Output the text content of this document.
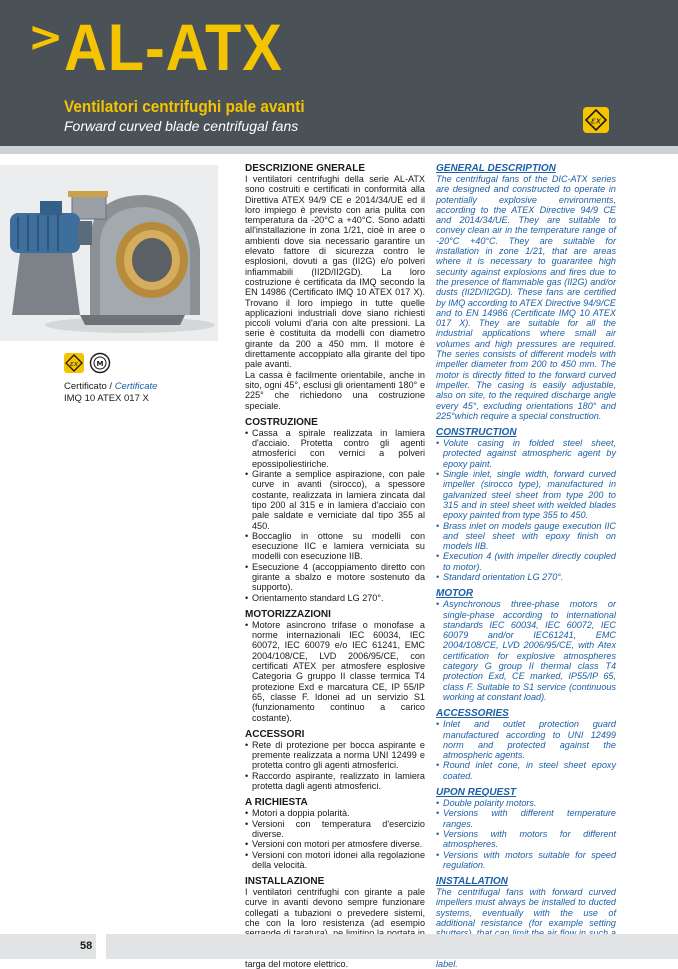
> AL-ATX
Ventilatori centrifughi pale avanti
Forward curved blade centrifugal fans	εx
εx	M
Certificato / Certificate
IMQ 10 ATEX 017 X
DESCRIZIONE GNERALE
I ventilatori centrifughi della serie AL-ATX sono costruiti e certificati in conformità alla Direttiva ATEX 94/9 CE e 2014/34/UE ed il loro impiego è previsto con aria pulita con temperatura da -20°C a +40°C. Sono adatti all'installazione in zona 1/21, cioè in aree o ambienti dove sia necessario garantire un elevato fattore di sicurezza contro le esplosioni, dovuti a gas (II2G) e/o polveri infiammabili (II2D/II2GD). La loro costruzione è certificata da IMQ secondo la EN 14986 (Certificato IMQ 10 ATEX 017 X). Trovano il loro impiego in tutte quelle applicazioni industriali dove siano richiesti piccoli volumi d'aria con alte pressioni. La serie è costituita da modelli con diametro girante da 200 a 450 mm. Il motore è direttamente accoppiato alla girante del tipo pale avanti.
La cassa è facilmente orientabile, anche in sito, ogni 45°, esclusi gli orientamenti 180° e 225° che richiedono una costruzione speciale.
COSTRUZIONE
• Cassa a spirale realizzata in lamiera d'acciaio. Protetta contro gli agenti atmosferici con vernici a polveri epossipoliestiriche.
• Girante a semplice aspirazione, con pale curve in avanti (sirocco), a spessore costante, realizzata in lamiera zincata dal tipo 200 al 315 e in lamiera d'acciaio con pale saldate e verniciate dal tipo 355 al 450.
• Boccaglio in ottone su modelli con esecuzione IIC e lamiera verniciata su modelli con esecuzione IIB.
• Esecuzione 4 (accoppiamento diretto con girante a sbalzo e motore sostenuto da supporto).
• Orientamento standard LG 270°.
MOTORIZZAZIONI
• Motore asincrono trifase o monofase a norme internazionali IEC 60034, IEC 60072, IEC 60079 e/o IEC 61241, EMC 2004/108/CE, LVD 2006/95/CE, con certificati ATEX per atmosfere esplosive Categoria G gruppo II classe termica T4 protezione Exd e marcatura CE, IP 55/IP 65, classe F. Idonei ad un servizio S1 (funzionamento continuo a carico costante).
ACCESSORI
• Rete di protezione per bocca aspirante e premente realizzata a norma UNI 12499 e protetta contro gli agenti atmosferici.
• Raccordo aspirante, realizzato in lamiera protetta dagli agenti atmosferici.
A RICHIESTA
• Motori a doppia polarità.
• Versioni con temperatura d'esercizio diverse.
• Versioni con motori per atmosfere diverse.
• Versioni con motori idonei alla regolazione della velocità.
INSTALLAZIONE
I ventilatori centrifughi con girante a pale curve in avanti devono sempre funzionare collegati a tubazioni o prevedere sistemi, che con la loro resistenza (ad esempio targa del motore elettrico.
GENERAL DESCRIPTION
The centrifugal fans of the DIC-ATX series are designed and constructed to operate in potentially explosive environments, according to the ATEX Directive 94/9 CE and 2014/34/UE. They are suitable to convey clean air in the temperature range of -20°C +40°C. They are suitable for installation in zone 1/21, that are areas where it is necessary to guarantee high security against explosions and fires due to the presence of flammable gas (II2G) and/or dusts (II2D/II2GD). These fans are certified by IMQ according to ATEX Directive 94/9/CE and to EN 14986 (Certificate IMQ 10 ATEX 017 X). They are suitable for all the industrial applications where small air volumes and high pressures are required. The series consists of different models with impeller diameter from 200 to 450 mm. The motor is directly fitted to the forward curved impeller. The casing is easily adjustable, also on site, to the required discharge angle every 45°, excluding orientations 180° and 225°which require a special construction.
CONSTRUCTION
• Volute casing in folded steel sheet, protected against atmospheric agent by epoxy paint.
• Single inlet, single width, forward curved impeller (sirocco type), manufactured in galvanized steel sheet from type 200 to 315 and in steel sheet with welded blades epoxy painted from type 355 to 450.
• Brass inlet on models gauge execution IIC and steel sheet with epoxy finish on models IIB.
• Execution 4 (with impeller directly coupled to motor).
• Standard orientation LG 270°.
MOTOR
• Asynchronous three-phase motors or single-phase according to international standards IEC 60034, IEC 60072, IEC 60079 and/or IEC61241, EMC 2004/108/CE, LVD 2006/95/CE, with Atex certification for explosive atmospheres category G group II thermal class T4 protection Exd, CE marked, IP55/IP 65, class F. Suitable to S1 service (continuous working at constant load).
ACCESSORIES
• Inlet and outlet protection guard manufactured according to UNI 12499 norm and protected against the atmospheric agents.
• Round inlet cone, in steel sheet epoxy coated.
UPON REQUEST
• Double polarity motors.
• Versions with different temperature ranges.
• Versions with motors for different atmospheres.
• Versions with motors suitable for speed regulation.
INSTALLATION
The centrifugal fans with forward curved impellers must always be installed to ducted systems, eventually with the use of additional resistance (for example setting label.
58
